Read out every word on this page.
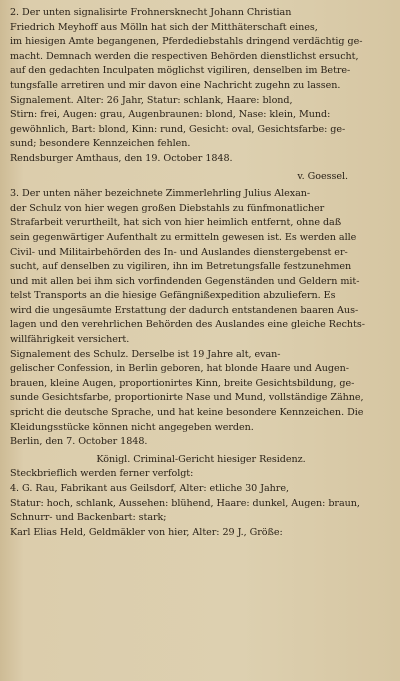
2. Der unten signalisirte Frohnersknecht Johann Christian
Friedrich Meyhoff aus Mölln hat sich der Mitthäterschaft eines,
im hiesigen Amte begangenen, Pferdediebstahls dringend verdächtig ge-
macht. Demnach werden die respectiven Behörden dienstlichst ersucht,
auf den gedachten Inculpaten möglichst vigiliren, denselben im Betre-
tungsfalle arretiren und mir davon eine Nachricht zugehn zu lassen.
Signalement. Alter: 26 Jahr, Statur: schlank, Haare: blond,
Stirn: frei, Augen: grau, Augenbraunen: blond, Nase: klein, Mund:
gewöhnlich, Bart: blond, Kinn: rund, Gesicht: oval, Gesichtsfarbe: ge-
sund; besondere Kennzeichen fehlen.
Rendsburger Amthaus, den 19. October 1848.
v. Goessel.
3. Der unten näher bezeichnete Zimmerlehrling Julius Alexan-
der Schulz von hier wegen großen Diebstahls zu fünfmonatlicher
Strafarbeit verurtheilt, hat sich von hier heimlich entfernt, ohne daß
sein gegenwärtiger Aufenthalt zu ermitteln gewesen ist. Es werden alle
Civil- und Militairbehörden des In- und Auslandes dienstergebenst er-
sucht, auf denselben zu vigiliren, ihn im Betretungsfalle festzunehmen
und mit allen bei ihm sich vorfindenden Gegenständen und Geldern mit-
telst Transports an die hiesige Gefängnißexpedition abzuliefern. Es
wird die ungesäumte Erstattung der dadurch entstandenen baaren Aus-
lagen und den verehrlichen Behörden des Auslandes eine gleiche Rechts-
willfährigkeit versichert.
Signalement des Schulz. Derselbe ist 19 Jahre alt, evan-
gelischer Confession, in Berlin geboren, hat blonde Haare und Augen-
brauen, kleine Augen, proportionirtes Kinn, breite Gesichtsbildung, ge-
sunde Gesichtsfarbe, proportionirte Nase und Mund, vollständige Zähne,
spricht die deutsche Sprache, und hat keine besondere Kennzeichen. Die
Kleidungsstücke können nicht angegeben werden.
Berlin, den 7. October 1848.
Königl. Criminal-Gericht hiesiger Residenz.
Steckbrieflich werden ferner verfolgt:
4. G. Rau, Fabrikant aus Geilsdorf, Alter: etliche 30 Jahre,
Statur: hoch, schlank, Aussehen: blühend, Haare: dunkel, Augen: braun,
Schnurr- und Backenbart: stark;
Karl Elias Held, Geldmäkler von hier, Alter: 29 J., Größe:
